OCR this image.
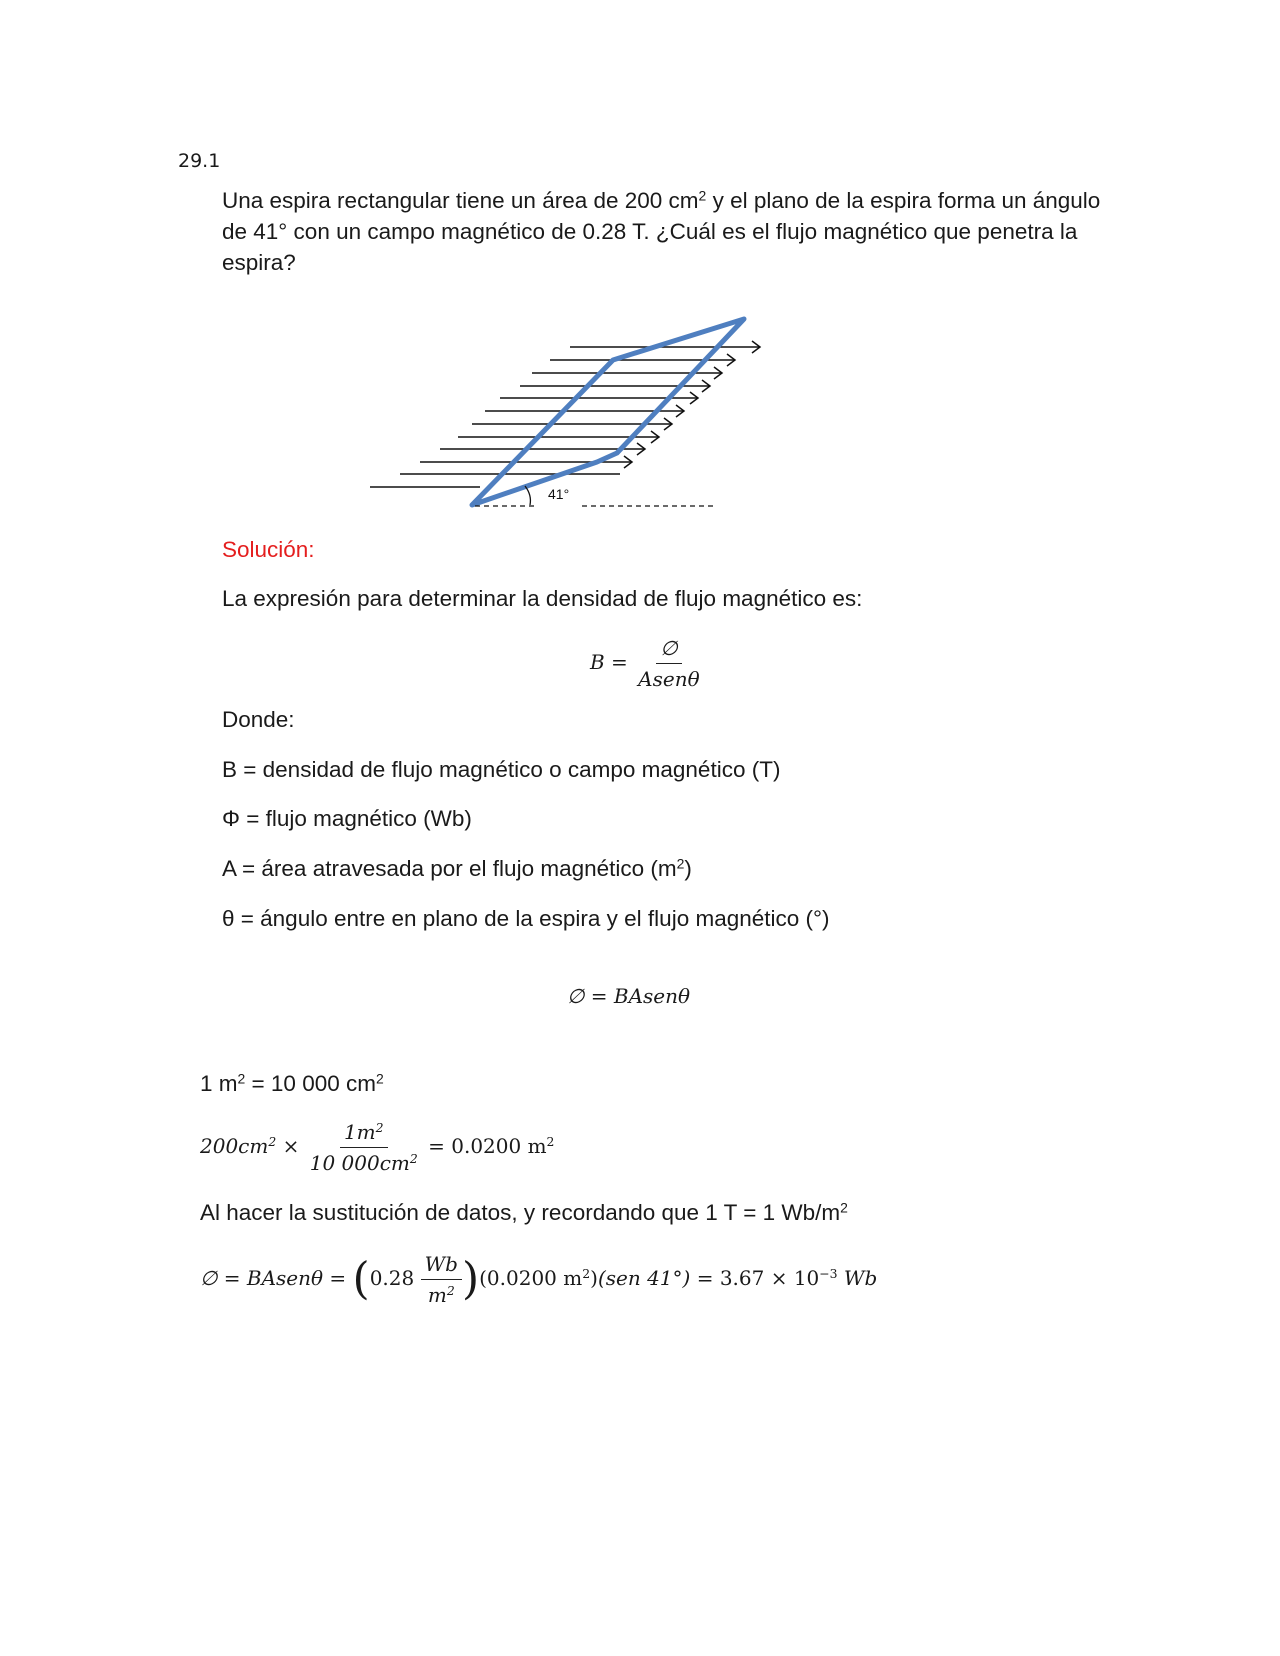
29.1
Una espira rectangular tiene un área de 200 $cm^2$ y el plano de la espira forma un ángulo de 41° con un campo magnético de 0.28 T. ¿Cuál es el flujo magnético que penetra la espira?
41°
Solución:
La expresión para determinar la densidad de flujo magnético es:
$B = \frac{\emptyset}{\text{Asenθ}}$
Donde:
B = densidad de flujo magnético o campo magnético (T)
Φ = flujo magnético (Wb)
A = área atravesada por el flujo magnético $(m^2)$
θ = ángulo entre en plano de la espira y el flujo magnético (°)
∅ = BAsenθ
1 $m^2 = 10$ 000 $cm^2$
$200cm^2 \times \frac{1m^2}{10 000cm^2} = 0.0200$ $m^2$
Al hacer la sustitución de datos, y recordando que 1 T = 1 $Wb/m^2$
∅ = BAsenθ = $(0.28 \frac{Wb}{m^2} )(0.0200$ $m^2)(sen$ $41^\circ) = 3.67 \times 10^{-3}$ Wb
